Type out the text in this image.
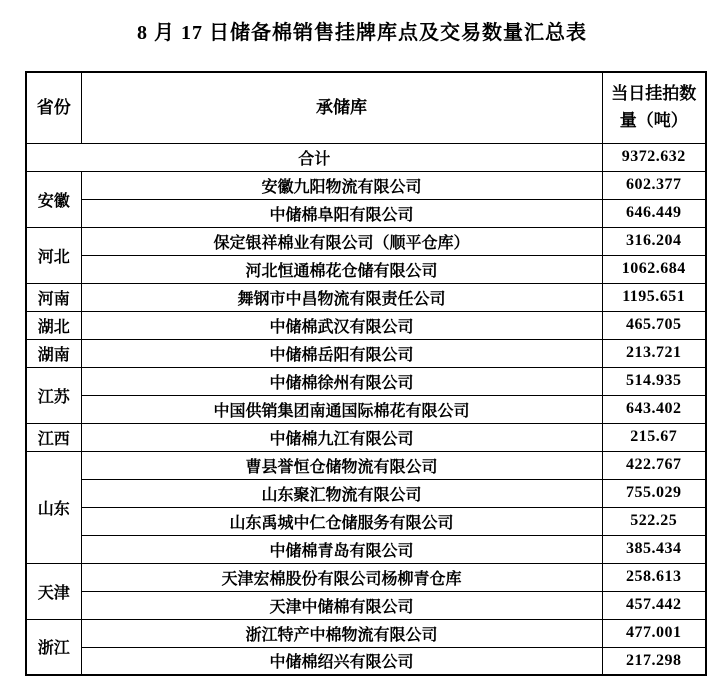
8 月 17 日储备棉销售挂牌库点及交易数量汇总表
省份	承储库	当日挂拍数量（吨）
合计		9372.632
安徽	安徽九阳物流有限公司	602.377
	中储棉阜阳有限公司	646.449
河北	保定银祥棉业有限公司（顺平仓库）	316.204
	河北恒通棉花仓储有限公司	1062.684
河南	舞钢市中昌物流有限责任公司	1195.651
湖北	中储棉武汉有限公司	465.705
湖南	中储棉岳阳有限公司	213.721
江苏	中储棉徐州有限公司	514.935
	中国供销集团南通国际棉花有限公司	643.402
江西	中储棉九江有限公司	215.67
山东	曹县誉恒仓储物流有限公司	422.767
	山东聚汇物流有限公司	755.029
	山东禹城中仁仓储服务有限公司	522.25
	中储棉青岛有限公司	385.434
天津	天津宏棉股份有限公司杨柳青仓库	258.613
	天津中储棉有限公司	457.442
浙江	浙江特产中棉物流有限公司	477.001
	中储棉绍兴有限公司	217.298
